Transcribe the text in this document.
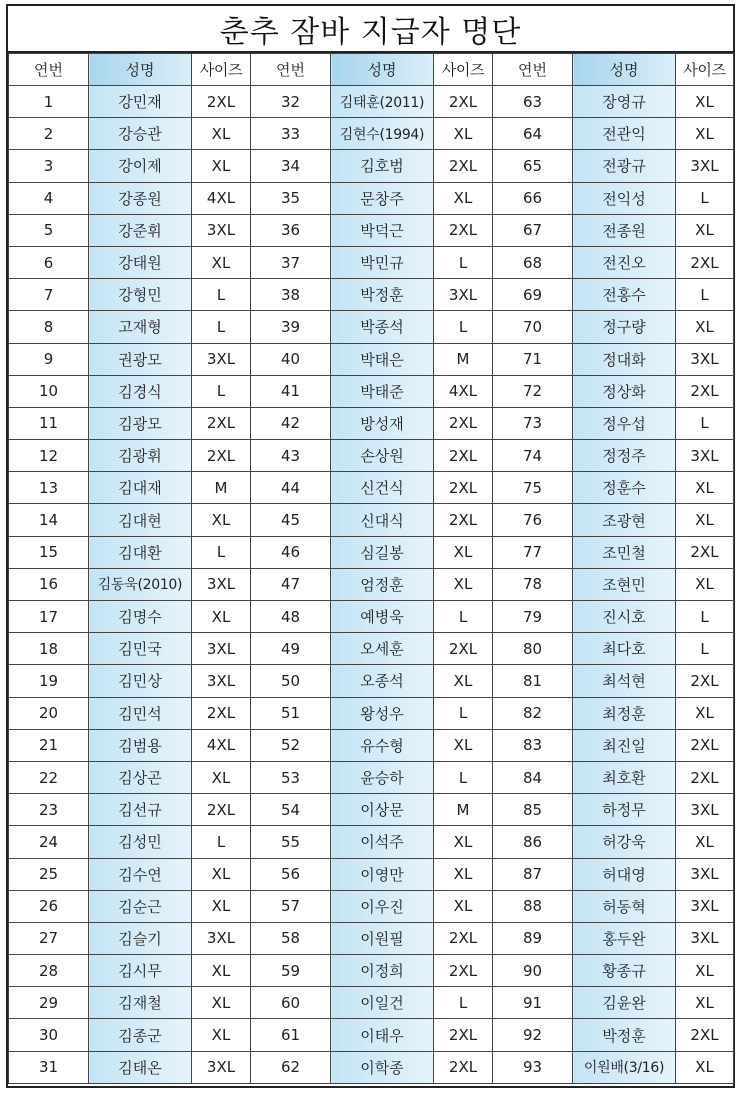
춘추 잠바 지급자 명단
연번	성명	사이즈	연번	성명	사이즈	연번	성명	사이즈
1	강민재	2XL	32	김태훈(2011)	2XL	63	장영규	XL
2	강승관	XL	33	김현수(1994)	XL	64	전관익	XL
3	강이제	XL	34	김호범	2XL	65	전광규	3XL
4	강종원	4XL	35	문창주	XL	66	전익성	L
5	강준휘	3XL	36	박덕근	2XL	67	전종원	XL
6	강태원	XL	37	박민규	L	68	전진오	2XL
7	강형민	L	38	박정훈	3XL	69	전홍수	L
8	고재형	L	39	박종석	L	70	정구량	XL
9	권광모	3XL	40	박태은	M	71	정대화	3XL
10	김경식	L	41	박태준	4XL	72	정상화	2XL
11	김광모	2XL	42	방성재	2XL	73	정우섭	L
12	김광휘	2XL	43	손상원	2XL	74	정정주	3XL
13	김대재	M	44	신건식	2XL	75	정훈수	XL
14	김대현	XL	45	신대식	2XL	76	조광현	XL
15	김대환	L	46	심길봉	XL	77	조민철	2XL
16	김동욱(2010)	3XL	47	엄정훈	XL	78	조현민	XL
17	김명수	XL	48	예병욱	L	79	진시호	L
18	김민국	3XL	49	오세훈	2XL	80	최다호	L
19	김민상	3XL	50	오종석	XL	81	최석현	2XL
20	김민석	2XL	51	왕성우	L	82	최정훈	XL
21	김범용	4XL	52	유수형	XL	83	최진일	2XL
22	김상곤	XL	53	윤승하	L	84	최호환	2XL
23	김선규	2XL	54	이상문	M	85	하정무	3XL
24	김성민	L	55	이석주	XL	86	허강욱	XL
25	김수연	XL	56	이영만	XL	87	허대영	3XL
26	김순근	XL	57	이우진	XL	88	허동혁	3XL
27	김슬기	3XL	58	이원필	2XL	89	홍두완	3XL
28	김시무	XL	59	이정희	2XL	90	황종규	XL
29	김재철	XL	60	이일건	L	91	김윤완	XL
30	김종군	XL	61	이태우	2XL	92	박정훈	2XL
31	김태온	3XL	62	이학종	2XL	93	이원배(3/16)	XL
